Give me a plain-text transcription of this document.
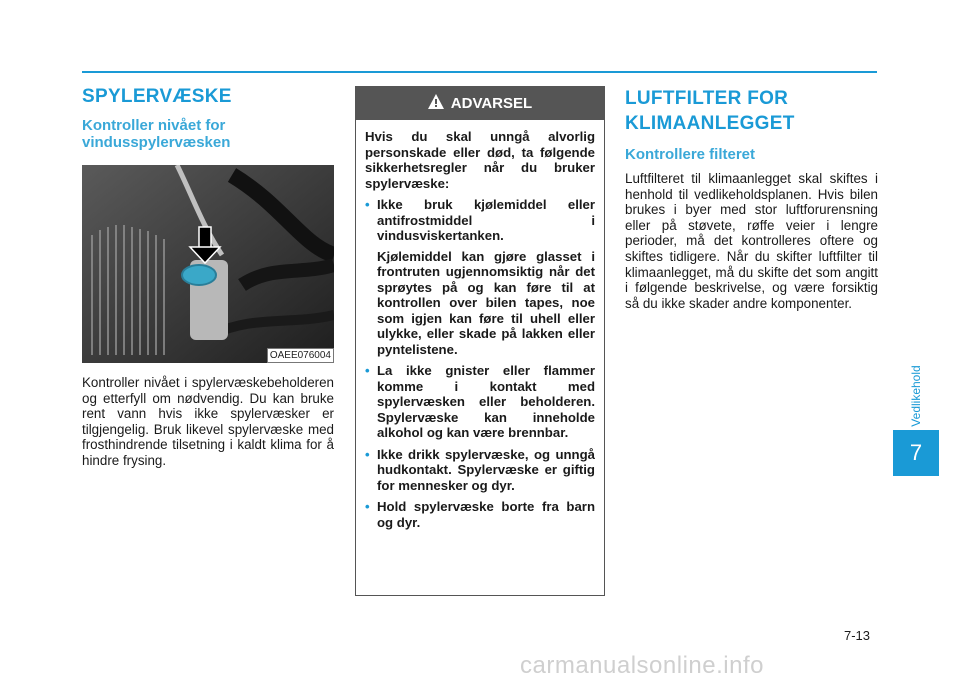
SPYLERVÆSKE
Kontroller nivået for vindusspylervæsken
OAEE076004
Kontroller nivået i spylervæskebeholderen og etterfyll om nødvendig. Du kan bruke rent vann hvis ikke spylervæsker er tilgjengelig. Bruk likevel spylervæske med frosthindrende tilsetning i kaldt klima for å hindre frysing.
ADVARSEL

Hvis du skal unngå alvorlig personskade eller død, ta følgende sikkerhetsregler når du bruker spylervæske:

• Ikke bruk kjølemiddel eller antifrostmiddel i vindusviskertanken.
Kjølemiddel kan gjøre glasset i frontruten ugjennomsiktig når det sprøytes på og kan føre til at kontrollen over bilen tapes, noe som igjen kan føre til uhell eller ulykke, eller skade på lakken eller pyntelistene.
• La ikke gnister eller flammer komme i kontakt med spylervæsken eller beholderen. Spylervæske kan inneholde alkohol og kan være brennbar.
• Ikke drikk spylervæske, og unngå hudkontakt. Spylervæske er giftig for mennesker og dyr.
• Hold spylervæske borte fra barn og dyr.
LUFTFILTER FOR
KLIMAANLEGGET
Kontrollere filteret
Luftfilteret til klimaanlegget skal skiftes i henhold til vedlikeholdsplanen. Hvis bilen brukes i byer med stor luftforurensning eller på støvete, røffe veier i lengre perioder, må det kontrolleres oftere og skiftes tidligere. Når du skifter luftfilter til klimaanlegget, må du skifte det som angitt i følgende beskrivelse, og være forsiktig så du ikke skader andre komponenter.
Vedlikehold
7
7-13
carmanualsonline.info
